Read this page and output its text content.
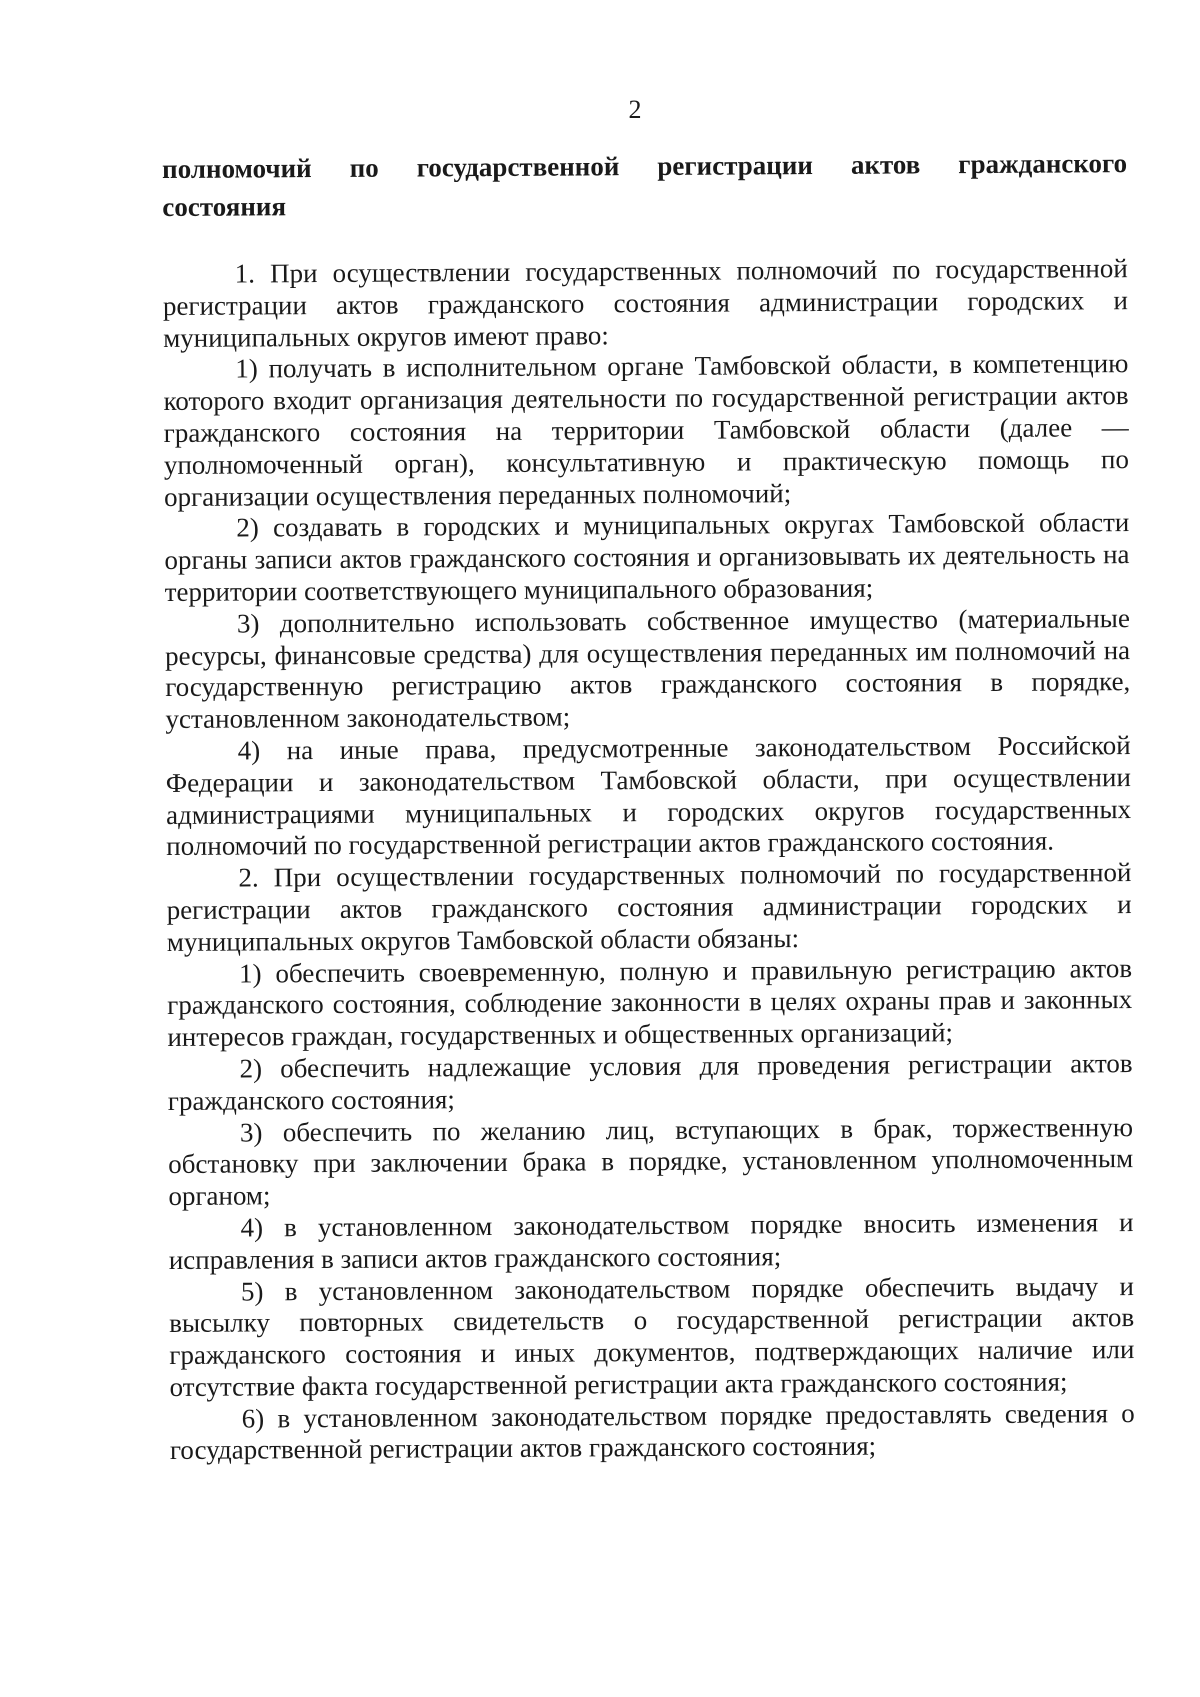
2
полномочий по государственной регистрации актов гражданского
состояния

1. При осуществлении государственных полномочий по государственной регистрации актов гражданского состояния администрации городских и муниципальных округов имеют право:

1) получать в исполнительном органе Тамбовской области, в компетенцию которого входит организация деятельности по государственной регистрации актов гражданского состояния на территории Тамбовской области (далее — уполномоченный орган), консультативную и практическую помощь по организации осуществления переданных полномочий;

2) создавать в городских и муниципальных округах Тамбовской области органы записи актов гражданского состояния и организовывать их деятельность на территории соответствующего муниципального образования;

3) дополнительно использовать собственное имущество (материальные ресурсы, финансовые средства) для осуществления переданных им полномочий на государственную регистрацию актов гражданского состояния в порядке, установленном законодательством;

4) на иные права, предусмотренные законодательством Российской Федерации и законодательством Тамбовской области, при осуществлении администрациями муниципальных и городских округов государственных полномочий по государственной регистрации актов гражданского состояния.

2. При осуществлении государственных полномочий по государственной регистрации актов гражданского состояния администрации городских и муниципальных округов Тамбовской области обязаны:

1) обеспечить своевременную, полную и правильную регистрацию актов гражданского состояния, соблюдение законности в целях охраны прав и законных интересов граждан, государственных и общественных организаций;

2) обеспечить надлежащие условия для проведения регистрации актов гражданского состояния;

3) обеспечить по желанию лиц, вступающих в брак, торжественную обстановку при заключении брака в порядке, установленном уполномоченным органом;

4) в установленном законодательством порядке вносить изменения и исправления в записи актов гражданского состояния;

5) в установленном законодательством порядке обеспечить выдачу и высылку повторных свидетельств о государственной регистрации актов гражданского состояния и иных документов, подтверждающих наличие или отсутствие факта государственной регистрации акта гражданского состояния;

6) в установленном законодательством порядке предоставлять сведения о государственной регистрации актов гражданского состояния;
